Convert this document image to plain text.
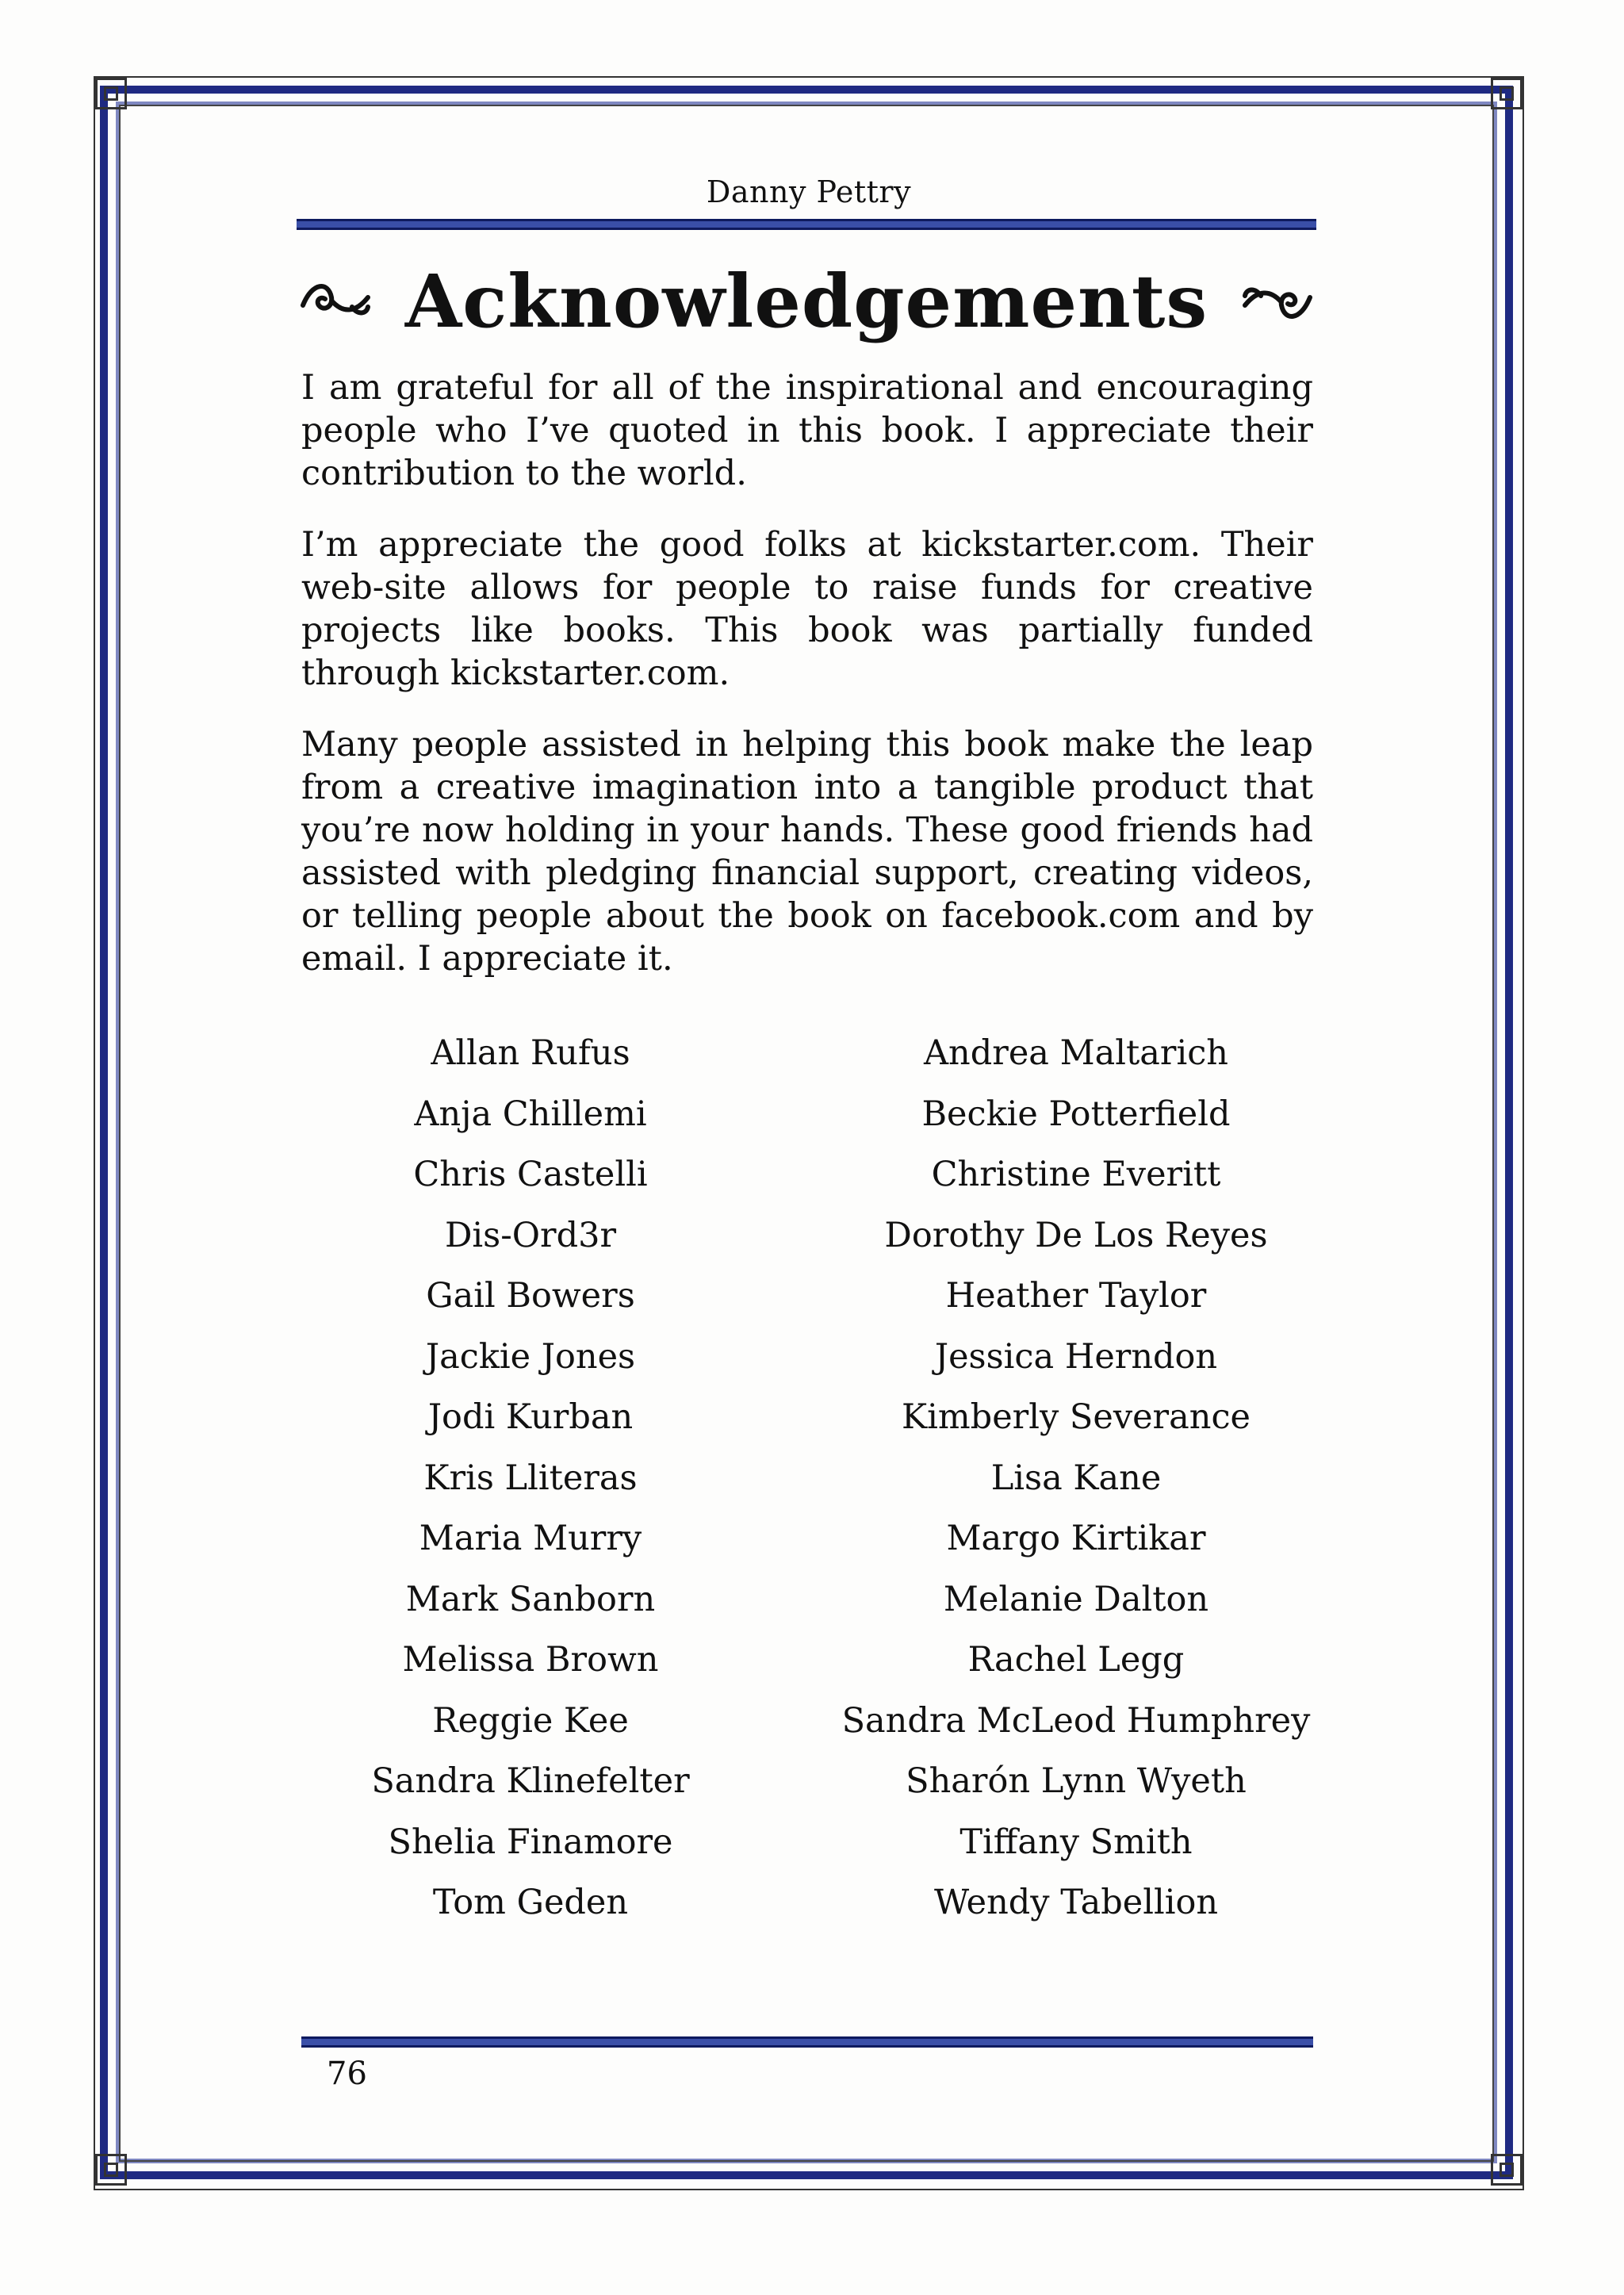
Danny Pettry
Acknowledgements

I am grateful for all of the inspirational and encouraging people who I’ve quoted in this book. I appreciate their contribution to the world.

I’m appreciate the good folks at kickstarter.com. Their web-site allows for people to raise funds for creative projects like books. This book was partially funded through kickstarter.com.

Many people assisted in helping this book make the leap from a creative imagination into a tangible product that you’re now holding in your hands. These good friends had assisted with pledging financial support, creating videos, or telling people about the book on facebook.com and by email. I appreciate it.

Allan Rufus
Anja Chillemi
Chris Castelli
Dis-Ord3r
Gail Bowers
Jackie Jones
Jodi Kurban
Kris Lliteras
Maria Murry
Mark Sanborn
Melissa Brown
Reggie Kee
Sandra Klinefelter
Shelia Finamore
Tom Geden
Andrea Maltarich
Beckie Potterfield
Christine Everitt
Dorothy De Los Reyes
Heather Taylor
Jessica Herndon
Kimberly Severance
Lisa Kane
Margo Kirtikar
Melanie Dalton
Rachel Legg
Sandra McLeod Humphrey
Sharón Lynn Wyeth
Tiffany Smith
Wendy Tabellion
76
